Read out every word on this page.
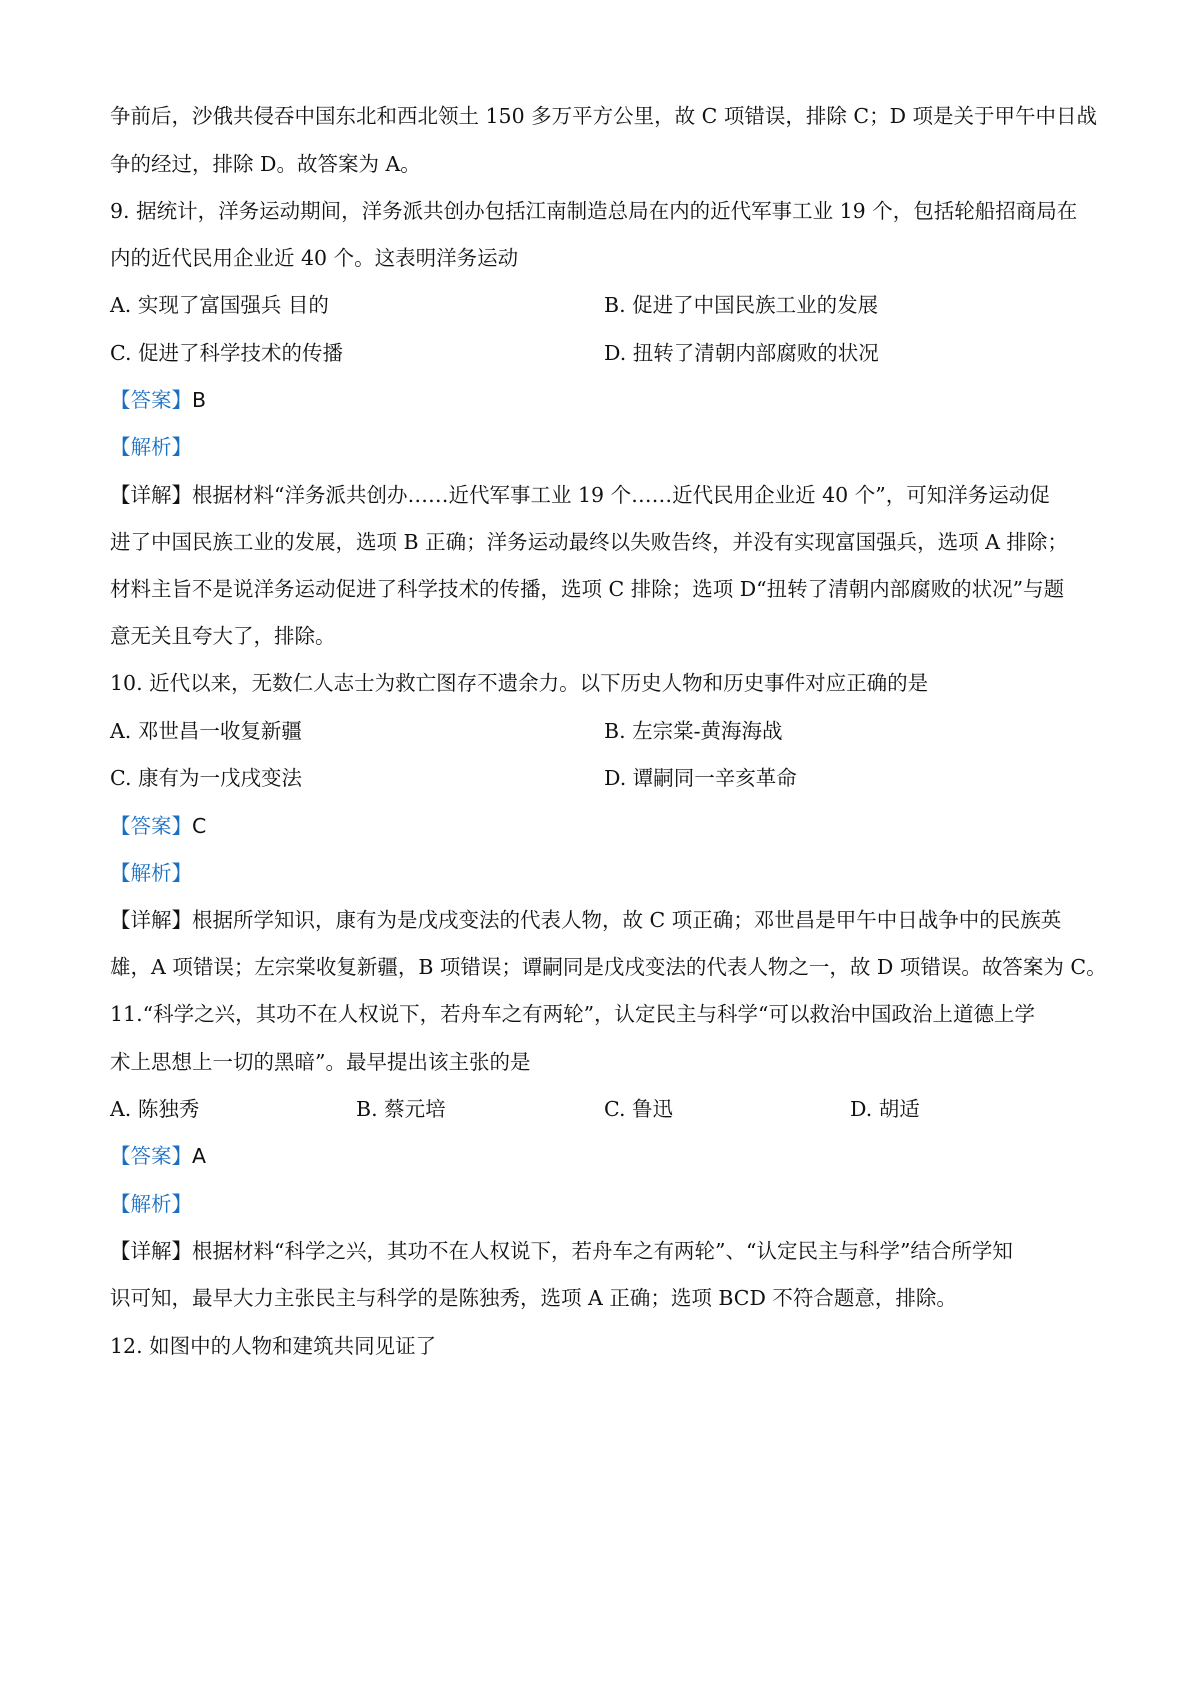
争前后，沙俄共侵吞中国东北和西北领土 150 多万平方公里，故 C 项错误，排除 C；D 项是关于甲午中日战
争的经过，排除 D。故答案为 A。
9. 据统计，洋务运动期间，洋务派共创办包括江南制造总局在内的近代军事工业 19 个，包括轮船招商局在
内的近代民用企业近 40 个。这表明洋务运动
A. 实现了富国强兵 目的	B. 促进了中国民族工业的发展
C. 促进了科学技术的传播	D. 扭转了清朝内部腐败的状况
【答案】B
【解析】
【详解】根据材料“洋务派共创办……近代军事工业 19 个……近代民用企业近 40 个”，可知洋务运动促
进了中国民族工业的发展，选项 B 正确；洋务运动最终以失败告终，并没有实现富国强兵，选项 A 排除；
材料主旨不是说洋务运动促进了科学技术的传播，选项 C 排除；选项 D“扭转了清朝内部腐败的状况”与题
意无关且夸大了，排除。
10. 近代以来，无数仁人志士为救亡图存不遗余力。以下历史人物和历史事件对应正确的是
A. 邓世昌一收复新疆	B. 左宗棠-黄海海战
C. 康有为一戊戌变法	D. 谭嗣同一辛亥革命
【答案】C
【解析】
【详解】根据所学知识，康有为是戊戌变法的代表人物，故 C 项正确；邓世昌是甲午中日战争中的民族英
雄，A 项错误；左宗棠收复新疆，B 项错误；谭嗣同是戊戌变法的代表人物之一，故 D 项错误。故答案为 C。
11.“科学之兴，其功不在人权说下，若舟车之有两轮”，认定民主与科学“可以救治中国政治上道德上学
术上思想上一切的黑暗”。最早提出该主张的是
A. 陈独秀	B. 蔡元培	C. 鲁迅	D. 胡适
【答案】A
【解析】
【详解】根据材料“科学之兴，其功不在人权说下，若舟车之有两轮”、“认定民主与科学”结合所学知
识可知，最早大力主张民主与科学的是陈独秀，选项 A 正确；选项 BCD 不符合题意，排除。
12. 如图中的人物和建筑共同见证了
